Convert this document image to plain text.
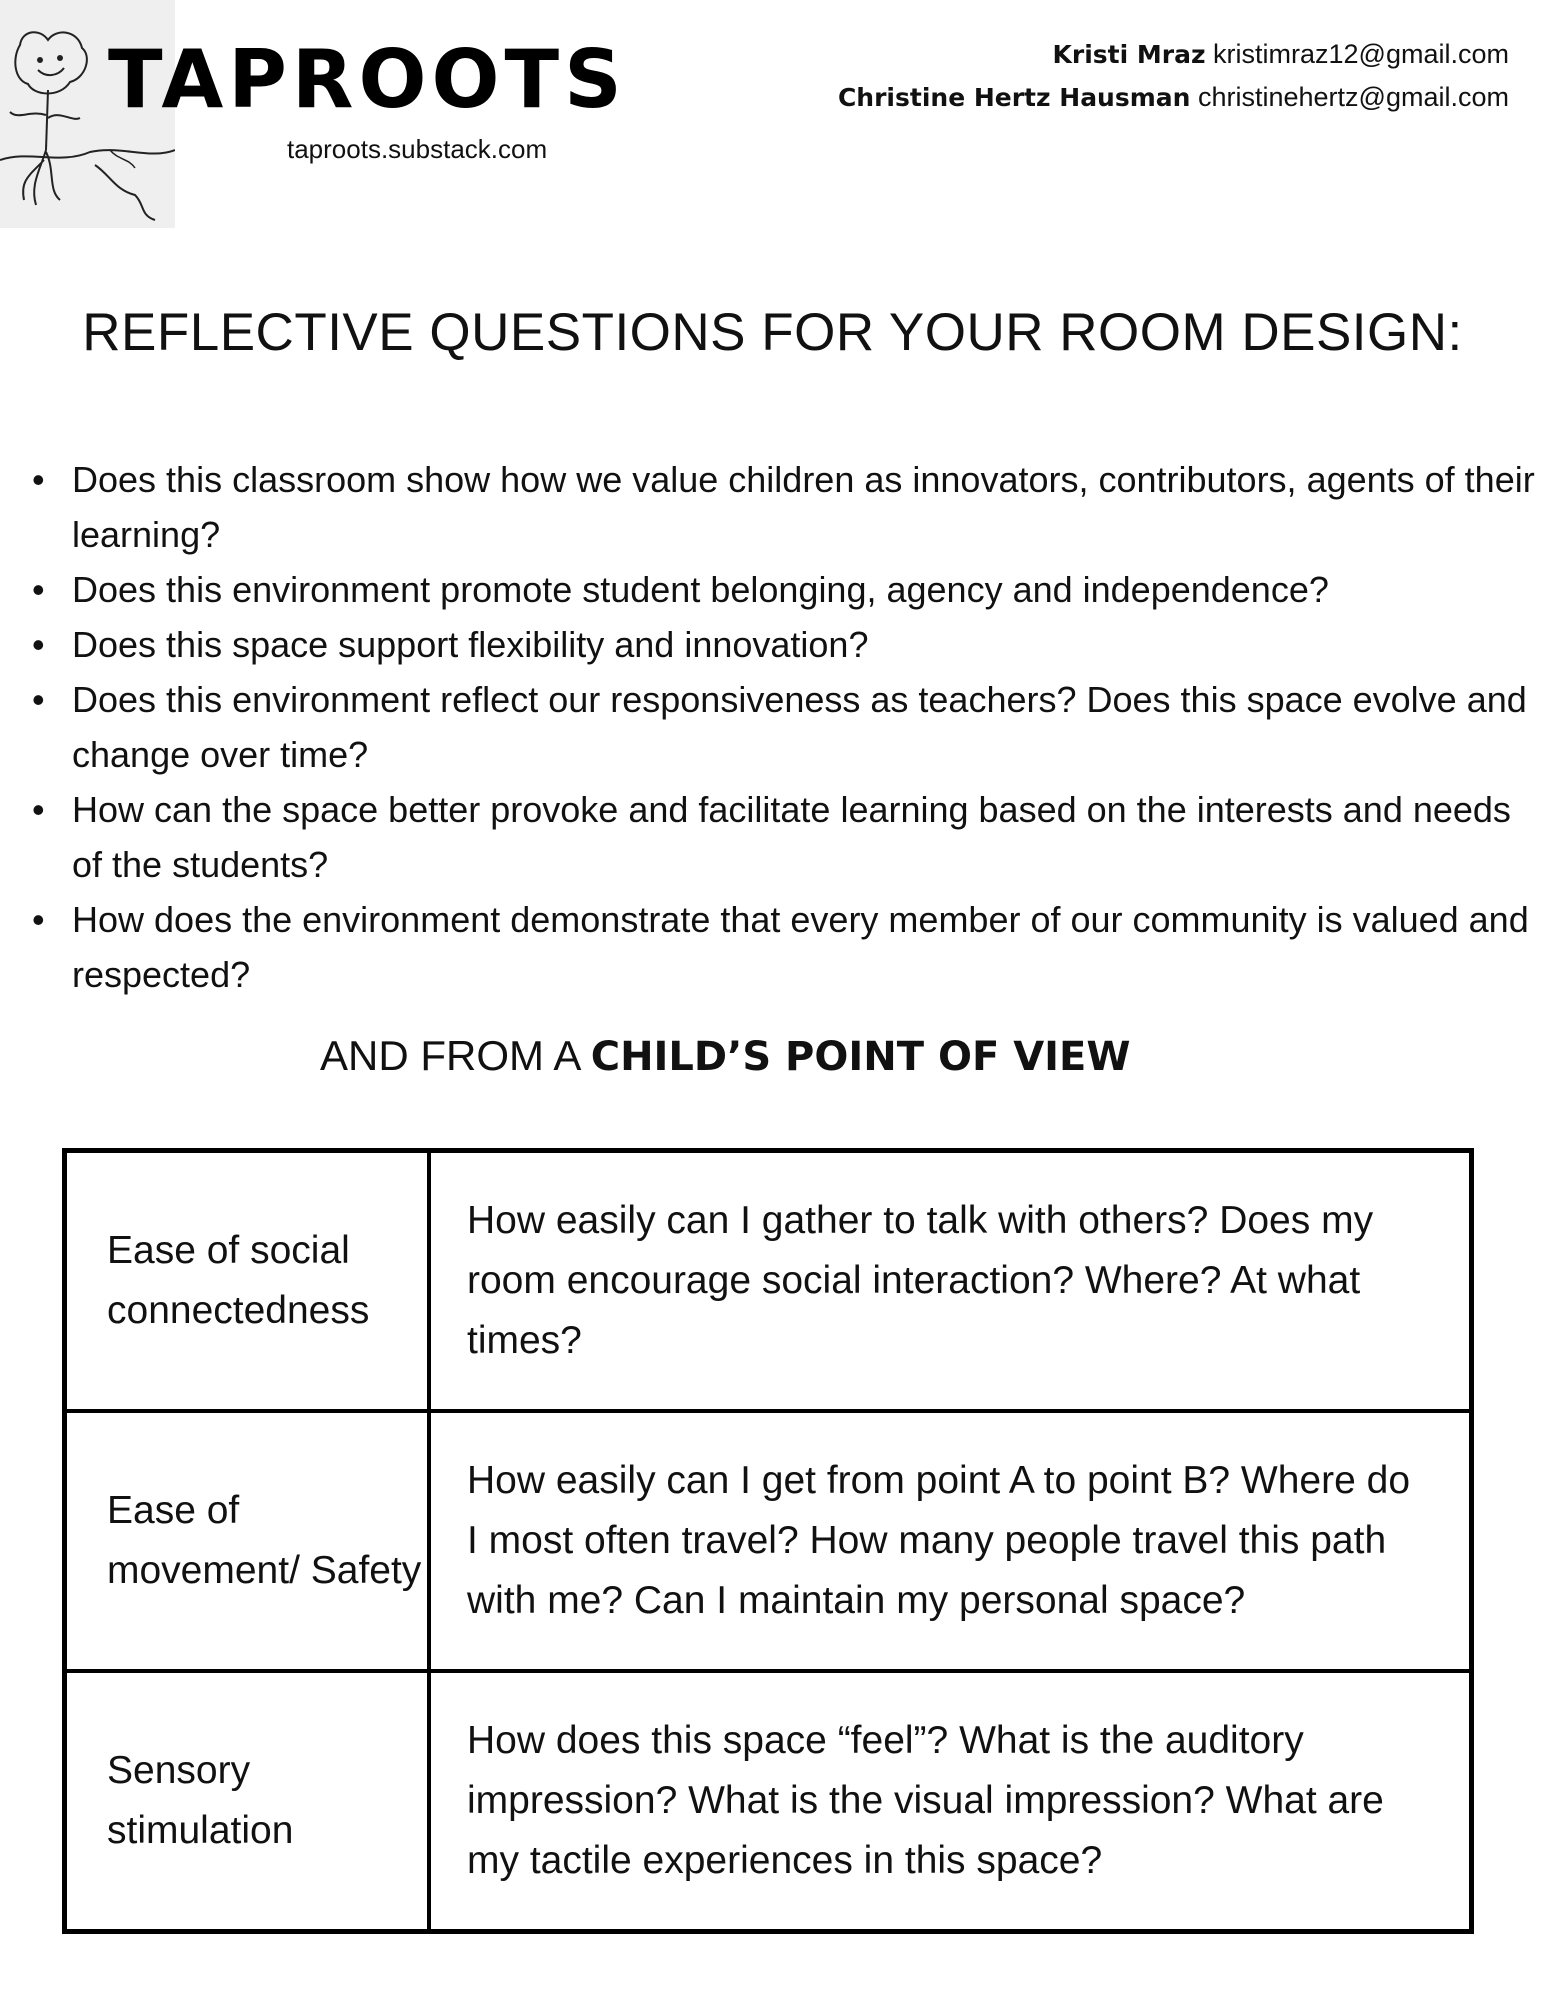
TAPROOTS
taproots.substack.com
Kristi Mraz kristimraz12@gmail.com
Christine Hertz Hausman christinehertz@gmail.com
REFLECTIVE QUESTIONS FOR YOUR ROOM DESIGN:
• Does this classroom show how we value children as innovators, contributors, agents of their learning?
• Does this environment promote student belonging, agency and independence?
• Does this space support flexibility and innovation?
• Does this environment reflect our responsiveness as teachers? Does this space evolve and change over time?
• How can the space better provoke and facilitate learning based on the interests and needs of the students?
• How does the environment demonstrate that every member of our community is valued and respected?
AND FROM A CHILD’S POINT OF VIEW
Ease of social connectedness	How easily can I gather to talk with others? Does my room encourage social interaction? Where? At what times?
Ease of movement/ Safety	How easily can I get from point A to point B? Where do I most often travel? How many people travel this path with me? Can I maintain my personal space?
Sensory stimulation	How does this space “feel”? What is the auditory impression? What is the visual impression? What are my tactile experiences in this space?
